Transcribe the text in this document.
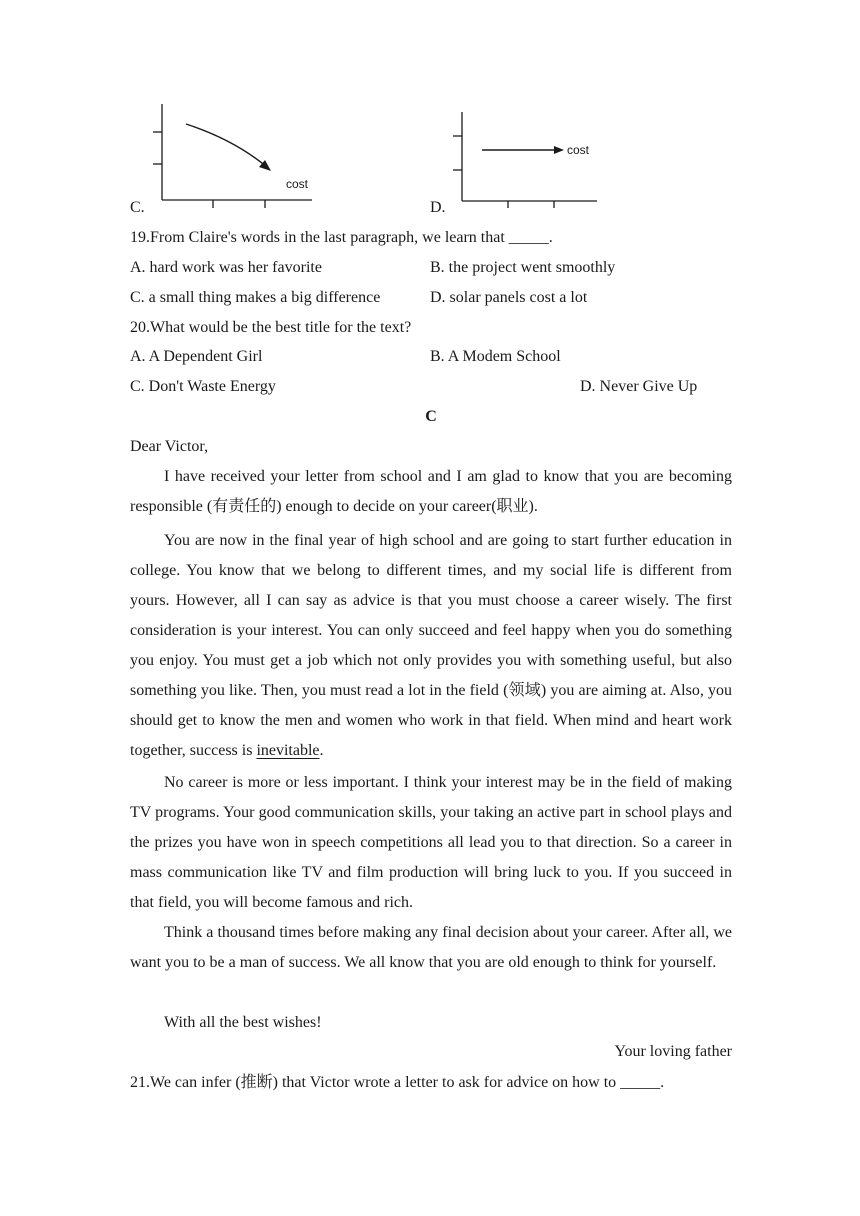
cost
C.
cost
D.
19.From Claire's words in the last paragraph, we learn that _____.
A. hard work was her favorite	B. the project went smoothly
C. a small thing makes a big difference	D. solar panels cost a lot
20.What would be the best title for the text?
A. A Dependent Girl	B. A Modem School
C. Don't Waste Energy	D. Never Give Up
C
Dear Victor,
I have received your letter from school and I am glad to know that you are becoming responsible (有责任的) enough to decide on your career(职业).
You are now in the final year of high school and are going to start further education in college. You know that we belong to different times, and my social life is different from yours. However, all I can say as advice is that you must choose a career wisely. The first consideration is your interest. You can only succeed and feel happy when you do something you enjoy. You must get a job which not only provides you with something useful, but also something you like. Then, you must read a lot in the field (领域) you are aiming at. Also, you should get to know the men and women who work in that field. When mind and heart work together, success is inevitable.
No career is more or less important. I think your interest may be in the field of making TV programs. Your good communication skills, your taking an active part in school plays and the prizes you have won in speech competitions all lead you to that direction. So a career in mass communication like TV and film production will bring luck to you. If you succeed in that field, you will become famous and rich.
Think a thousand times before making any final decision about your career. After all, we want you to be a man of success. We all know that you are old enough to think for yourself.
With all the best wishes!
Your loving father
21.We can infer (推断) that Victor wrote a letter to ask for advice on how to _____.
